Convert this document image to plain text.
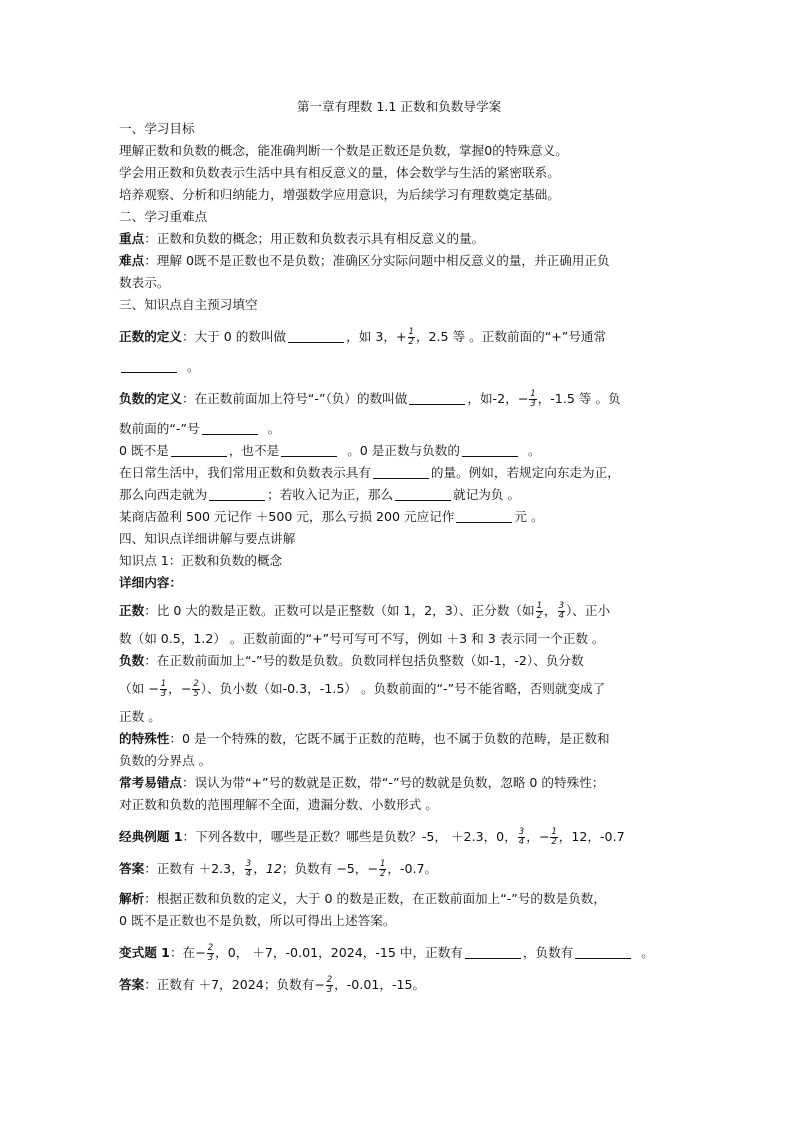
第一章有理数 1.1 正数和负数导学案

一、学习目标

理解正数和负数的概念，能准确判断一个数是正数还是负数，掌握0的特殊意义。

学会用正数和负数表示生活中具有相反意义的量，体会数学与生活的紧密联系。

培养观察、分析和归纳能力，增强数学应用意识，为后续学习有理数奠定基础。

二、学习重难点

重点：正数和负数的概念；用正数和负数表示具有相反意义的量。

难点：理解 0既不是正数也不是负数；准确区分实际问题中相反意义的量，并正确用正负

数表示。

三、知识点自主预习填空

正数的定义：大于 0 的数叫做	，如 3，+ $\frac{1}{2}$ ，2.5 等 。正数前面的“+”号通常

。

负数的定义：在正数前面加上符号“-”（负）的数叫做	，如-2，− $\frac{1}{3}$ ，-1.5 等 。负

数前面的“-”号	。

0 既不是	，也不是	。0 是正数与负数的	。

在日常生活中，我们常用正数和负数表示具有	的量。例如，若规定向东走为正，

那么向西走就为	；若收入记为正，那么	就记为负 。

某商店盈利 500 元记作 ＋500 元，那么亏损 200 元应记作	元 。

四、知识点详细讲解与要点讲解

知识点 1：正数和负数的概念

详细内容：

正数：比 0 大的数是正数。正数可以是正整数（如 1，2，3）、正分数（如 $\frac{1}{2}$ ， $\frac{3}{4}$ ）、正小

数（如 0.5，1.2） 。正数前面的“+”号可写可不写，例如 ＋3 和 3 表示同一个正数 。

负数：在正数前面加上“-”号的数是负数。负数同样包括负整数（如-1，-2）、负分数

（如 − $\frac{1}{3}$ ，− $\frac{2}{5}$ ）、负小数（如-0.3，-1.5） 。负数前面的“-”号不能省略，否则就变成了

正数 。

的特殊性：0 是一个特殊的数，它既不属于正数的范畴，也不属于负数的范畴，是正数和

负数的分界点 。

常考易错点：误认为带“+”号的数就是正数，带“-”号的数就是负数，忽略 0 的特殊性；

对正数和负数的范围理解不全面，遗漏分数、小数形式 。

经典例题 1：下列各数中，哪些是正数？哪些是负数？-5， ＋2.3，0， $\frac{3}{4}$ ，− $\frac{1}{2}$ ，12，-0.7

答案：正数有 ＋2.3， $\frac{3}{4}$ ，12；负数有 −5，− $\frac{1}{2}$ ，-0.7。

解析：根据正数和负数的定义，大于 0 的数是正数，在正数前面加上“-”号的数是负数，

0 既不是正数也不是负数，所以可得出上述答案。

变式题 1：在− $\frac{2}{3}$ ，0， ＋7，-0.01，2024，-15 中，正数有	，负数有	。

答案：正数有 ＋7，2024；负数有− $\frac{2}{3}$ ，-0.01，-15。
